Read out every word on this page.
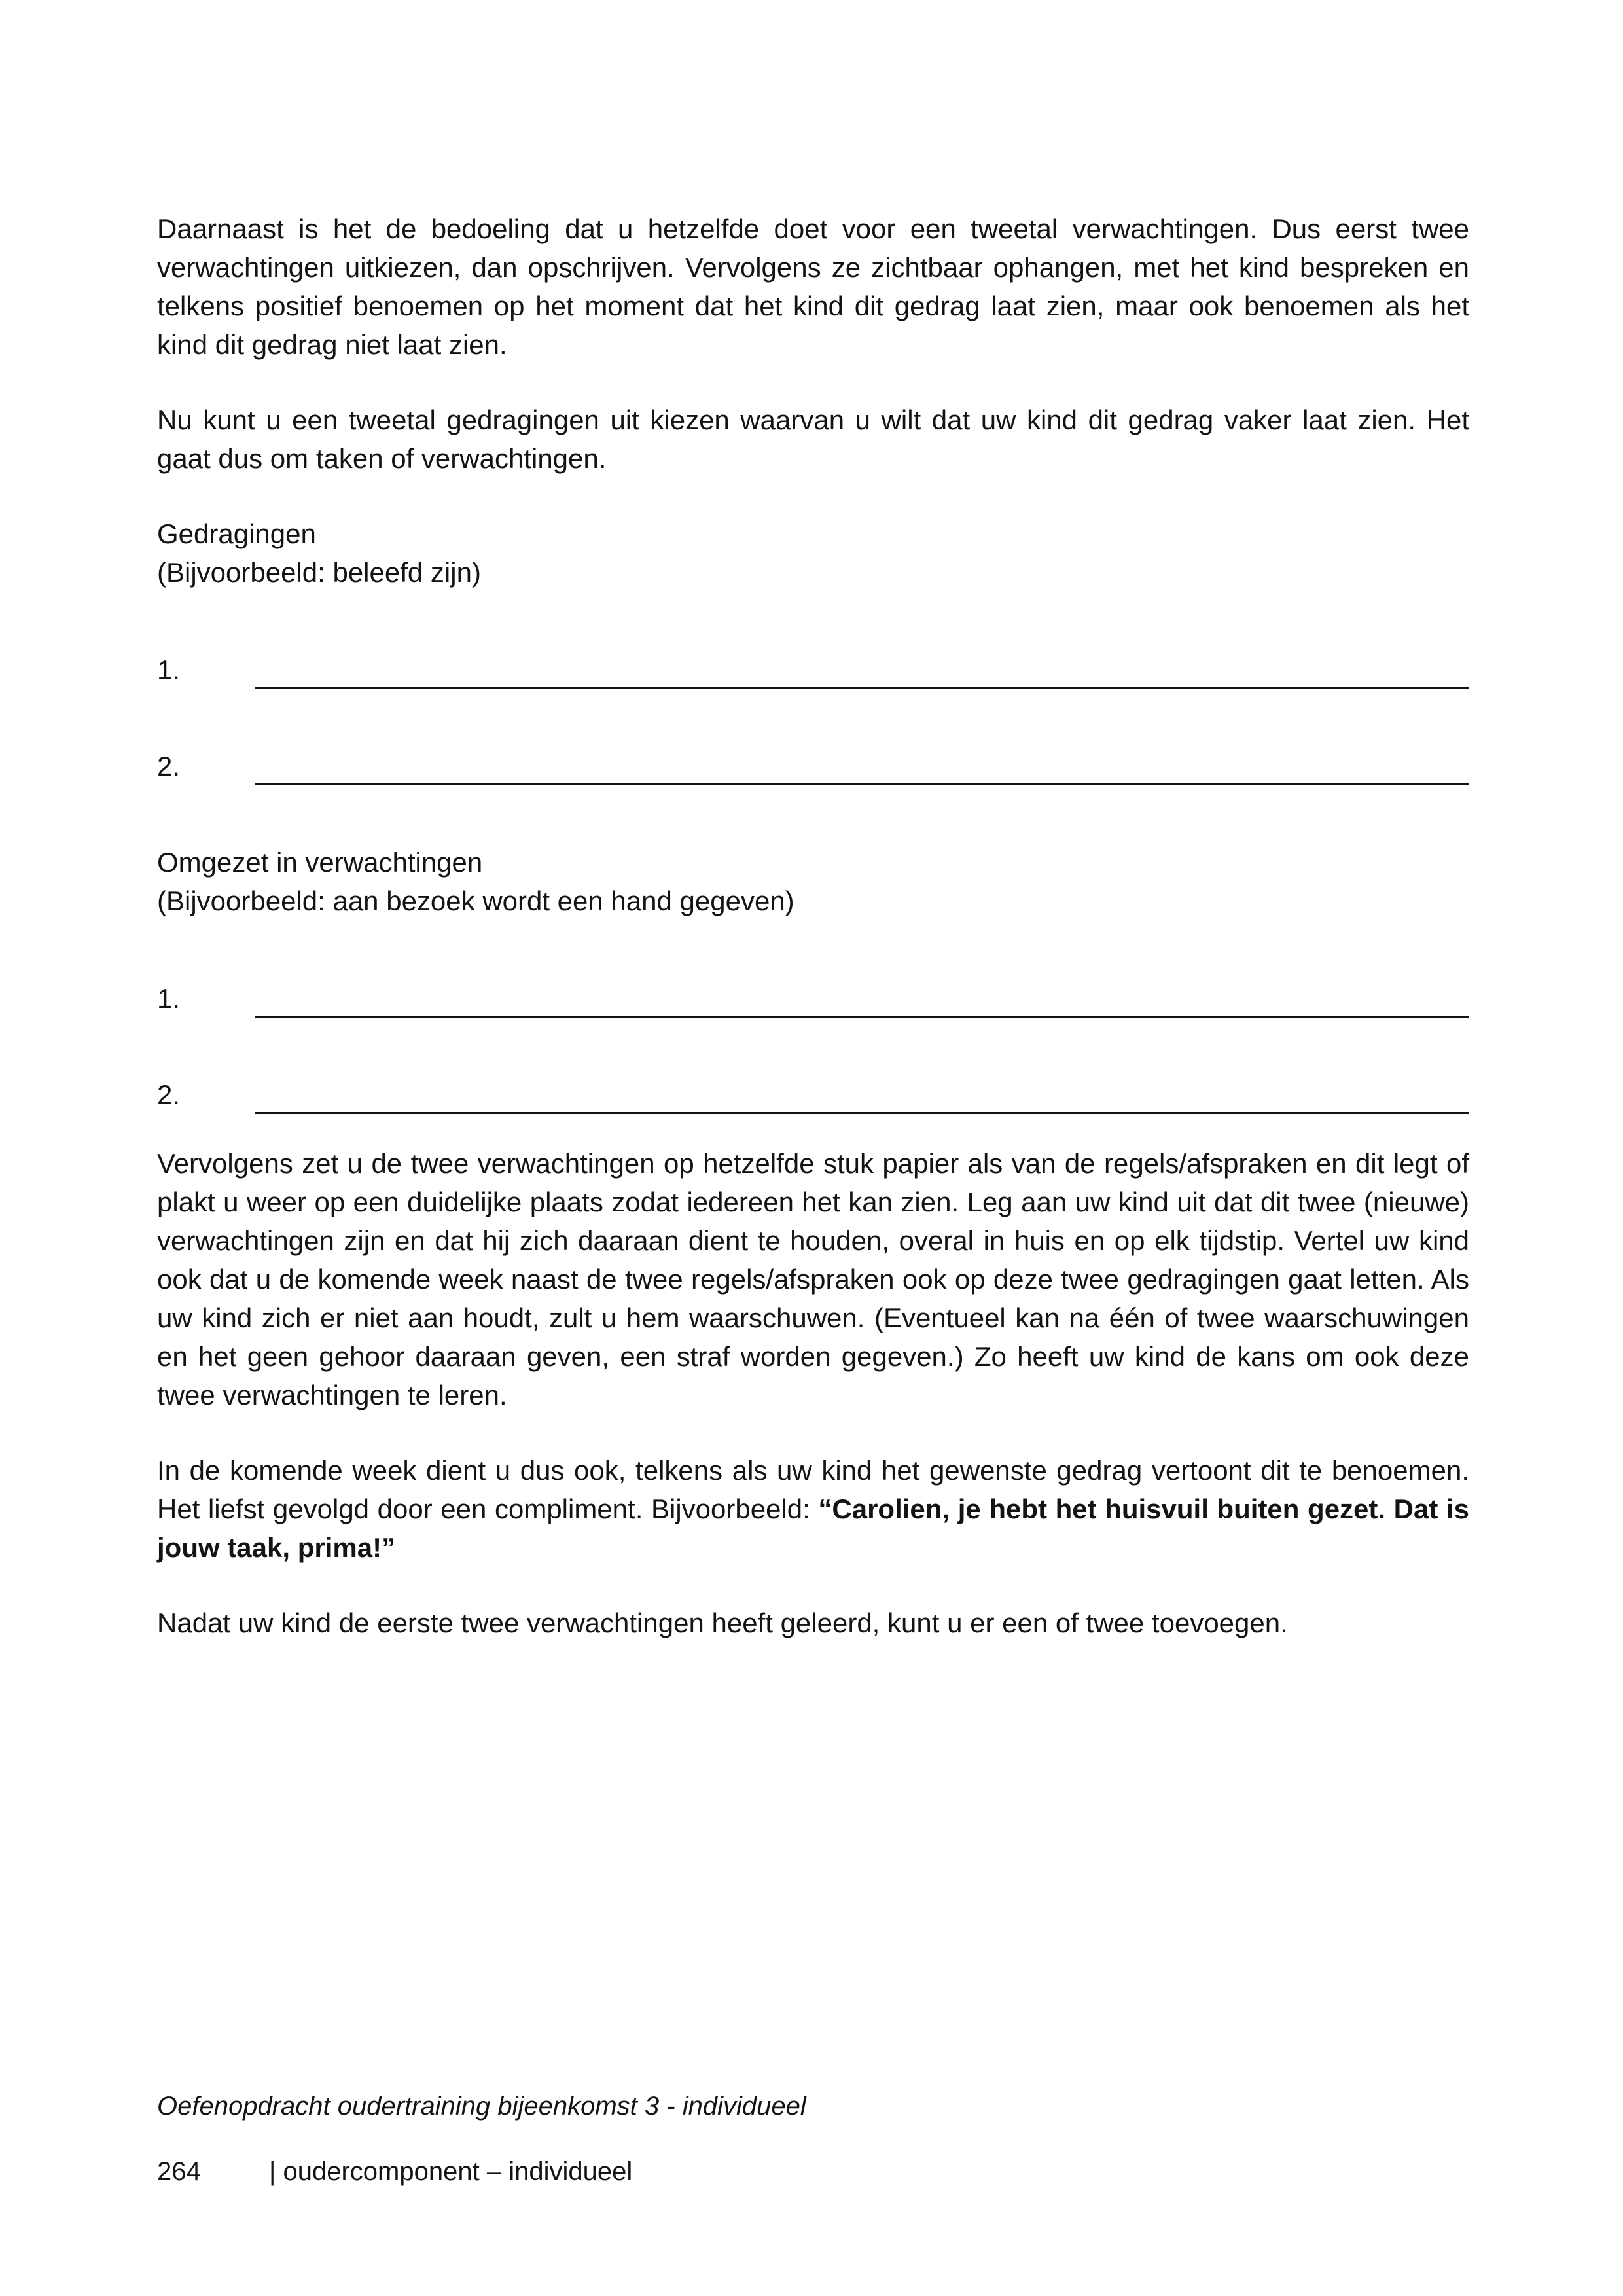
Daarnaast is het de bedoeling dat u hetzelfde doet voor een tweetal verwachtingen. Dus eerst twee verwachtingen uitkiezen, dan opschrijven. Vervolgens ze zichtbaar ophangen, met het kind bespreken en telkens positief benoemen op het moment dat het kind dit gedrag laat zien, maar ook benoemen als het kind dit gedrag niet laat zien.

Nu kunt u een tweetal gedragingen uit kiezen waarvan u wilt dat uw kind dit gedrag vaker laat zien. Het gaat dus om taken of verwachtingen.

Gedragingen
(Bijvoorbeeld: beleefd zijn)
1.
2.
Omgezet in verwachtingen
(Bijvoorbeeld: aan bezoek wordt een hand gegeven)
1.
2.

Vervolgens zet u de twee verwachtingen op hetzelfde stuk papier als van de regels/afspraken en dit legt of plakt u weer op een duidelijke plaats zodat iedereen het kan zien. Leg aan uw kind uit dat dit twee (nieuwe) verwachtingen zijn en dat hij zich daaraan dient te houden, overal in huis en op elk tijdstip. Vertel uw kind ook dat u de komende week naast de twee regels/afspraken ook op deze twee gedragingen gaat letten. Als uw kind zich er niet aan houdt, zult u hem waarschuwen. (Eventueel kan na één of twee waarschuwingen en het geen gehoor daaraan geven, een straf worden gegeven.) Zo heeft uw kind de kans om ook deze twee verwachtingen te leren.

In de komende week dient u dus ook, telkens als uw kind het gewenste gedrag vertoont dit te benoemen. Het liefst gevolgd door een compliment. Bijvoorbeeld: “Carolien, je hebt het huisvuil buiten gezet. Dat is jouw taak, prima!”

Nadat uw kind de eerste twee verwachtingen heeft geleerd, kunt u er een of twee toevoegen.

Oefenopdracht oudertraining bijeenkomst 3 - individueel
264	| oudercomponent – individueel
